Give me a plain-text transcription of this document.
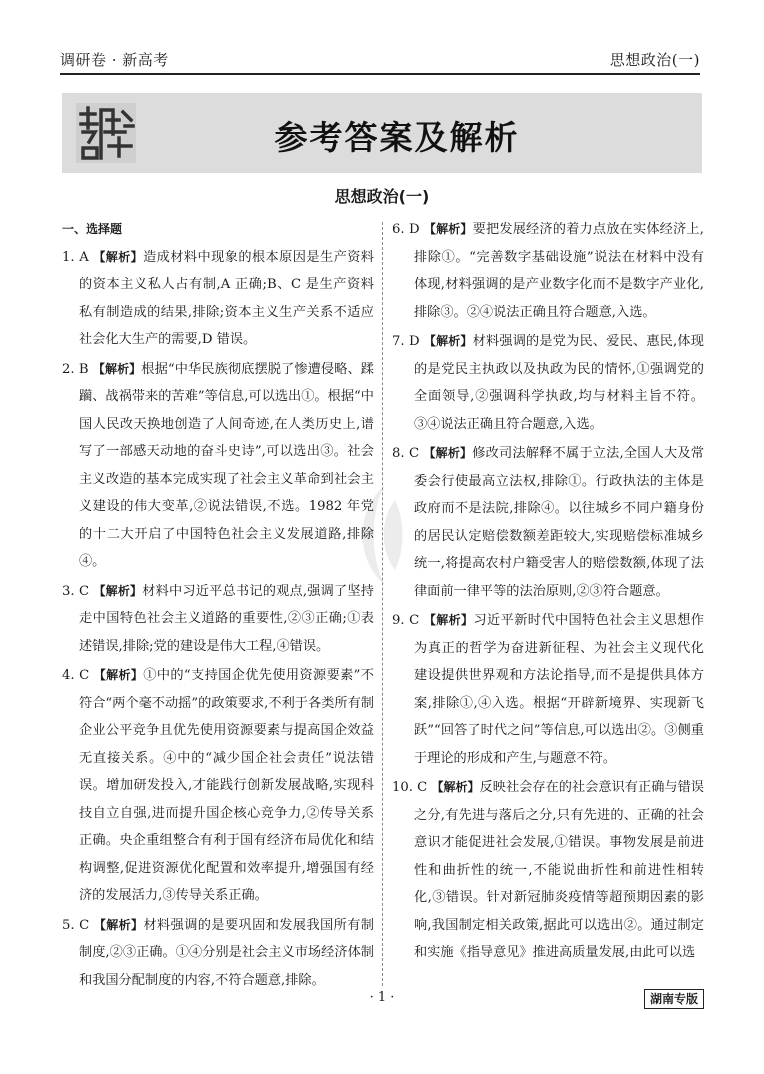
调研卷 · 新高考	思想政治(一)
参考答案及解析
思想政治(一)
一、选择题

1. A 【解析】造成材料中现象的根本原因是生产资料的资本主义私人占有制,A 正确;B、C 是生产资料私有制造成的结果,排除;资本主义生产关系不适应社会化大生产的需要,D 错误。

2. B 【解析】根据“中华民族彻底摆脱了惨遭侵略、蹂躏、战祸带来的苦难”等信息,可以选出①。根据“中国人民改天换地创造了人间奇迹,在人类历史上,谱写了一部感天动地的奋斗史诗”,可以选出③。社会主义改造的基本完成实现了社会主义革命到社会主义建设的伟大变革,②说法错误,不选。1982 年党的十二大开启了中国特色社会主义发展道路,排除④。

3. C 【解析】材料中习近平总书记的观点,强调了坚持走中国特色社会主义道路的重要性,②③正确;①表述错误,排除;党的建设是伟大工程,④错误。

4. C 【解析】①中的“支持国企优先使用资源要素”不符合“两个毫不动摇”的政策要求,不利于各类所有制企业公平竞争且优先使用资源要素与提高国企效益无直接关系。④中的“减少国企社会责任”说法错误。增加研发投入,才能践行创新发展战略,实现科技自立自强,进而提升国企核心竞争力,②传导关系正确。央企重组整合有利于国有经济布局优化和结构调整,促进资源优化配置和效率提升,增强国有经济的发展活力,③传导关系正确。

5. C 【解析】材料强调的是要巩固和发展我国所有制制度,②③正确。①④分别是社会主义市场经济体制和我国分配制度的内容,不符合题意,排除。

6. D 【解析】要把发展经济的着力点放在实体经济上,排除①。“完善数字基础设施”说法在材料中没有体现,材料强调的是产业数字化而不是数字产业化,排除③。②④说法正确且符合题意,入选。

7. D 【解析】材料强调的是党为民、爱民、惠民,体现的是党民主执政以及执政为民的情怀,①强调党的全面领导,②强调科学执政,均与材料主旨不符。③④说法正确且符合题意,入选。

8. C 【解析】修改司法解释不属于立法,全国人大及常委会行使最高立法权,排除①。行政执法的主体是政府而不是法院,排除④。以往城乡不同户籍身份的居民认定赔偿数额差距较大,实现赔偿标准城乡统一,将提高农村户籍受害人的赔偿数额,体现了法律面前一律平等的法治原则,②③符合题意。

9. C 【解析】习近平新时代中国特色社会主义思想作为真正的哲学为奋进新征程、为社会主义现代化建设提供世界观和方法论指导,而不是提供具体方案,排除①,④入选。根据“开辟新境界、实现新飞跃”“回答了时代之问”等信息,可以选出②。③侧重于理论的形成和产生,与题意不符。

10. C 【解析】反映社会存在的社会意识有正确与错误之分,有先进与落后之分,只有先进的、正确的社会意识才能促进社会发展,①错误。事物发展是前进性和曲折性的统一,不能说曲折性和前进性相转化,③错误。针对新冠肺炎疫情等超预期因素的影响,我国制定相关政策,据此可以选出②。通过制定和实施《指导意见》推进高质量发展,由此可以选

· 1 ·	湖南专版
